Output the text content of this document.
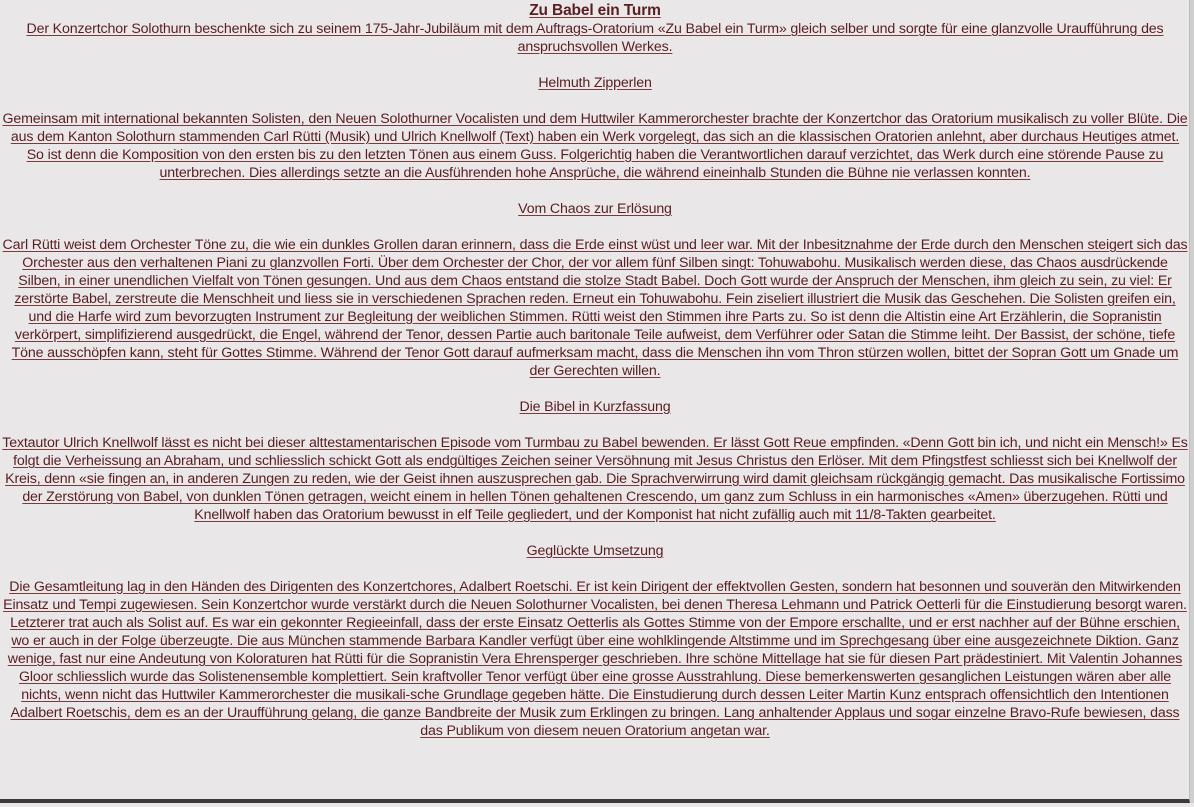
Zu Babel ein Turm

Der Konzertchor Solothurn beschenkte sich zu seinem 175-Jahr-Jubiläum mit dem Auftrags-Oratorium «Zu Babel ein Turm» gleich selber und sorgte für eine glanzvolle Uraufführung des anspruchsvollen Werkes.

Helmuth Zipperlen

Gemeinsam mit international bekannten Solisten, den Neuen Solothurner Vocalisten und dem Huttwiler Kammerorchester brachte der Konzertchor das Oratorium musikalisch zu voller Blüte. Die aus dem Kanton Solothurn stammenden Carl Rütti (Musik) und Ulrich Knellwolf (Text) haben ein Werk vorgelegt, das sich an die klassischen Oratorien anlehnt, aber durchaus Heutiges atmet. So ist denn die Komposition von den ersten bis zu den letzten Tönen aus einem Guss. Folgerichtig haben die Verantwortlichen darauf verzichtet, das Werk durch eine störende Pause zu unterbrechen. Dies allerdings setzte an die Ausführenden hohe Ansprüche, die während eineinhalb Stunden die Bühne nie verlassen konnten.

Vom Chaos zur Erlösung

Carl Rütti weist dem Orchester Töne zu, die wie ein dunkles Grollen daran erinnern, dass die Erde einst wüst und leer war. Mit der Inbesitznahme der Erde durch den Menschen steigert sich das Orchester aus den verhaltenen Piani zu glanzvollen Forti. Über dem Orchester der Chor, der vor allem fünf Silben singt: Tohuwabohu. Musikalisch werden diese, das Chaos ausdrückende Silben, in einer unendlichen Vielfalt von Tönen gesungen. Und aus dem Chaos entstand die stolze Stadt Babel. Doch Gott wurde der Anspruch der Menschen, ihm gleich zu sein, zu viel: Er zerstörte Babel, zerstreute die Menschheit und liess sie in verschiedenen Sprachen reden. Erneut ein Tohuwabohu. Fein ziseliert illustriert die Musik das Geschehen. Die Solisten greifen ein, und die Harfe wird zum bevorzugten Instrument zur Begleitung der weiblichen Stimmen. Rütti weist den Stimmen ihre Parts zu. So ist denn die Altistin eine Art Erzählerin, die Sopranistin verkörpert, simplifizierend ausgedrückt, die Engel, während der Tenor, dessen Partie auch baritonale Teile aufweist, dem Verführer oder Satan die Stimme leiht. Der Bassist, der schöne, tiefe Töne ausschöpfen kann, steht für Gottes Stimme. Während der Tenor Gott darauf aufmerksam macht, dass die Menschen ihn vom Thron stürzen wollen, bittet der Sopran Gott um Gnade um der Gerechten willen.

Die Bibel in Kurzfassung

Textautor Ulrich Knellwolf lässt es nicht bei dieser alttestamentarischen Episode vom Turmbau zu Babel bewenden. Er lässt Gott Reue empfinden. «Denn Gott bin ich, und nicht ein Mensch!» Es folgt die Verheissung an Abraham, und schliesslich schickt Gott als endgültiges Zeichen seiner Versöhnung mit Jesus Christus den Erlöser. Mit dem Pfingstfest schliesst sich bei Knellwolf der Kreis, denn «sie fingen an, in anderen Zungen zu reden, wie der Geist ihnen auszusprechen gab. Die Sprachverwirrung wird damit gleichsam rückgängig gemacht. Das musikalische Fortissimo der Zerstörung von Babel, von dunklen Tönen getragen, weicht einem in hellen Tönen gehaltenen Crescendo, um ganz zum Schluss in ein harmonisches «Amen» überzugehen. Rütti und Knellwolf haben das Oratorium bewusst in elf Teile gegliedert, und der Komponist hat nicht zufällig auch mit 11/8-Takten gearbeitet.

Geglückte Umsetzung

Die Gesamtleitung lag in den Händen des Dirigenten des Konzertchores, Adalbert Roetschi. Er ist kein Dirigent der effektvollen Gesten, sondern hat besonnen und souverän den Mitwirkenden Einsatz und Tempi zugewiesen. Sein Konzertchor wurde verstärkt durch die Neuen Solothurner Vocalisten, bei denen Theresa Lehmann und Patrick Oetterli für die Einstudierung besorgt waren. Letzterer trat auch als Solist auf. Es war ein gekonnter Regieeinfall, dass der erste Einsatz Oetterlis als Gottes Stimme von der Empore erschallte, und er erst nachher auf der Bühne erschien, wo er auch in der Folge überzeugte. Die aus München stammende Barbara Kandler verfügt über eine wohlklingende Altstimme und im Sprechgesang über eine ausgezeichnete Diktion. Ganz wenige, fast nur eine Andeutung von Koloraturen hat Rütti für die Sopranistin Vera Ehrensperger geschrieben. Ihre schöne Mittellage hat sie für diesen Part prädestiniert. Mit Valentin Johannes Gloor schliesslich wurde das Solistenensemble komplettiert. Sein kraftvoller Tenor verfügt über eine grosse Ausstrahlung. Diese bemerkenswerten gesanglichen Leistungen wären aber alle nichts, wenn nicht das Huttwiler Kammerorchester die musikali-sche Grundlage gegeben hätte. Die Einstudierung durch dessen Leiter Martin Kunz entsprach offensichtlich den Intentionen Adalbert Roetschis, dem es an der Uraufführung gelang, die ganze Bandbreite der Musik zum Erklingen zu bringen. Lang anhaltender Applaus und sogar einzelne Bravo-Rufe bewiesen, dass das Publikum von diesem neuen Oratorium angetan war.
